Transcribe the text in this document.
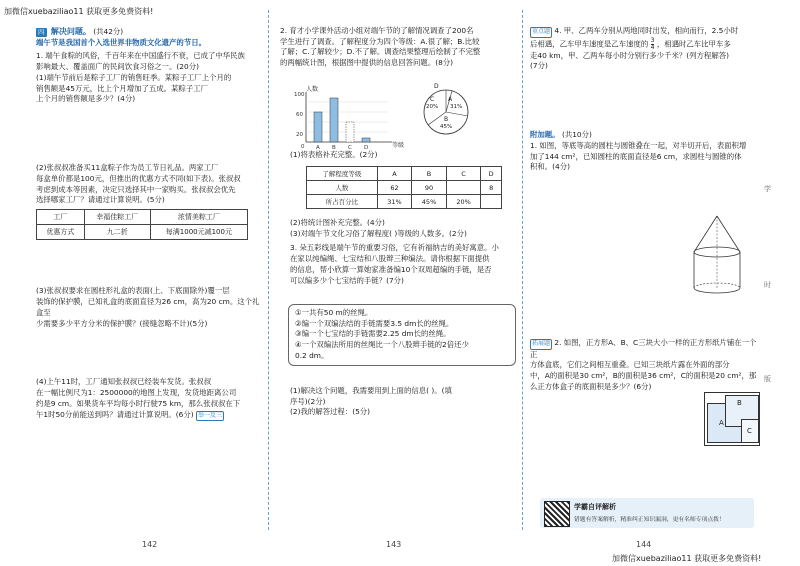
加微信xuebaziliao11 获取更多免费资料!
加微信xuebaziliao11 获取更多免费资料!

四 解决问题。 (共42分)

端午节是我国首个入选世界非物质文化遗产的节日。

1. 端午食粽的风俗，千百年来在中国盛行不衰，已成了中华民族

影响最大、覆盖面广的民间饮食习俗之一。(20分)

(1)端午节前后是粽子工厂的销售旺季。某粽子工厂上个月的

销售额是45万元，比上个月增加了五成。某粽子工厂

上个月的销售额是多少？(4分)

(2)张叔叔准备买11盒粽子作为员工节日礼品。两家工厂

每盒单价都是100元，但推出的优惠方式不同(如下表)。张叔叔

考虑到成本等因素，决定只选择其中一家购买。张叔叔会优先

选择哪家工厂？请通过计算说明。(5分)

工厂	幸福佳粽工厂	浓情美粽工厂
优惠方式	九二折	每满1000元减100元

(3)张叔叔要求在圆柱形礼盒的表面(上、下底面除外)覆一层

装饰的保护膜，已知礼盒的底面直径为26 cm，高为20 cm。这个礼盒至

少需要多少平方分米的保护膜？(接缝忽略不计)(5分)

(4)上午11时，工厂通知张叔叔已经装车发货。张叔叔

在一幅比例尺为1：2500000的地图上发现，发货地距离公司

约是9 cm。如果货车平均每小时行驶75 km，那么张叔叔在下

午1时50分前能送到吗？请通过计算说明。(6分) 举一反三

142

2. 育才小学课外活动小组对端午节的了解情况调查了200名

学生进行了调查。了解程度分为四个等级：A.很了解；B.比较

了解；C.了解较少；D.不了解。调查结果整理后绘制了不完整

的两幅统计图，根据图中提供的信息回答问题。(8分)

100
60
20
0 A B C D
人数
等级
D
A
20%
C
31%
B
45%

(1)将表格补充完整。(2分)

了解程度等级	A	B	C	D
人数	62	90		8
所占百分比	31%	45%	20%	

(2)将统计图补充完整。(4分)

(3)对端午节文化习俗了解程度( )等级的人数多。(2分)

3. 朵五彩线是端午节的重要习俗，它有祈福纳吉的美好寓意。小

在家以纯编绳、七宝结和八股辫三种编法。请你根据下面提供

的信息，帮小欣算一算她家准备编10个双周超编的手链，是否

可以编多少个七宝结的手链？(7分)

①一共有50 m的丝绳。

②编一个双编法结的手链需要3.5 dm长的丝绳。

③编一个七宝结的手链需要2.25 dm长的丝绳。

④一个双编法所用的丝绳比一个八股辫手链的2倍还少

0.2 dm。

(1)解决这个问题，我需要用到上面的信息( )。(填

序号)(2分)

(2)我的解答过程：(5分)

143

重点题 4. 甲、乙两车分别从两地同时出发，相向而行，2.5小时

后相遇，乙车甲车速度是乙车速度的 $\frac{3}{4}$ ，相遇时乙车比甲车多

走40 km，甲、乙两车每小时分别行多少千米？(列方程解答)

(7分)

附加题。 (共10分)

1. 如图，等底等高的圆柱与圆锥叠在一起，对半切开后，表面积增

加了144 cm²，已知圆柱的底面直径是6 cm，求圆柱与圆锥的体

积和。(4分)

拓展题 2. 如图，正方形A、B、C三块大小一样的正方形纸片铺在一个正

方体盒底，它们之间相互重叠。已知三块纸片露在外面的部分

中，A的面积是30 cm²，B的面积是36 cm²，C的面积是20 cm²，那

么正方体盒子的底面积是多少？(6分)

A
B
C
学霸自评解析
错题有答案解析，精准纠正知识漏洞，更有名师专项点拨！
学
时
版
144
